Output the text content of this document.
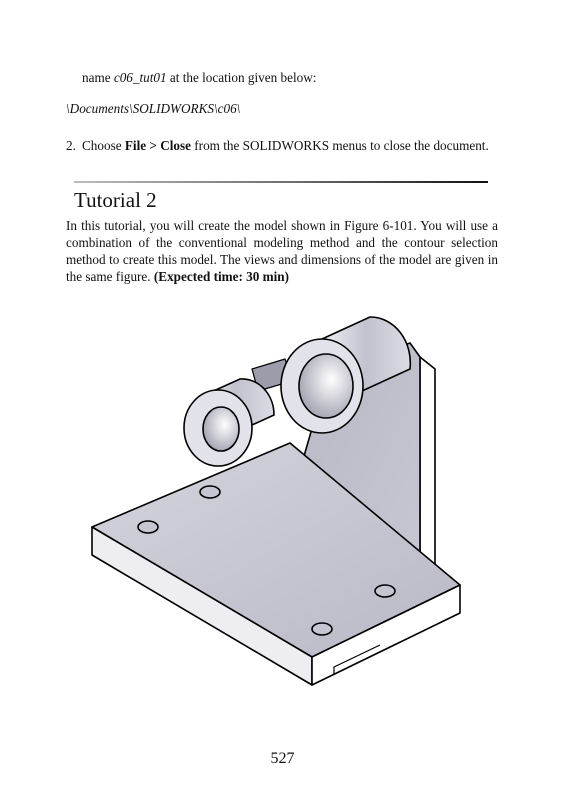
name c06_tut01 at the location given below:
\Documents\SOLIDWORKS\c06\
2. Choose File > Close from the SOLIDWORKS menus to close the document.
Tutorial 2
In this tutorial, you will create the model shown in Figure 6-101. You will use a combination of the conventional modeling method and the contour selection method to create this model. The views and dimensions of the model are given in the same figure. (Expected time: 30 min)
527
